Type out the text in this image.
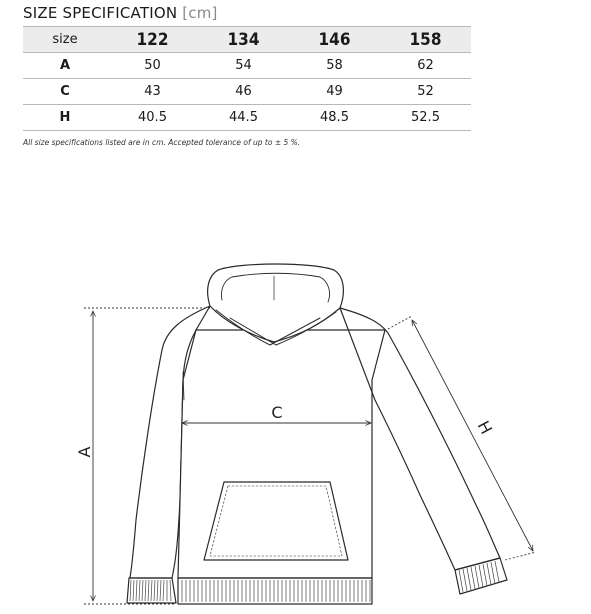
SIZE SPECIFICATION [cm]
size	122	134	146	158
A	50	54	58	62
C	43	46	49	52
H	40.5	44.5	48.5	52.5
All size specifications listed are in cm. Accepted tolerance of up to ± 5 %.
A
C
H
